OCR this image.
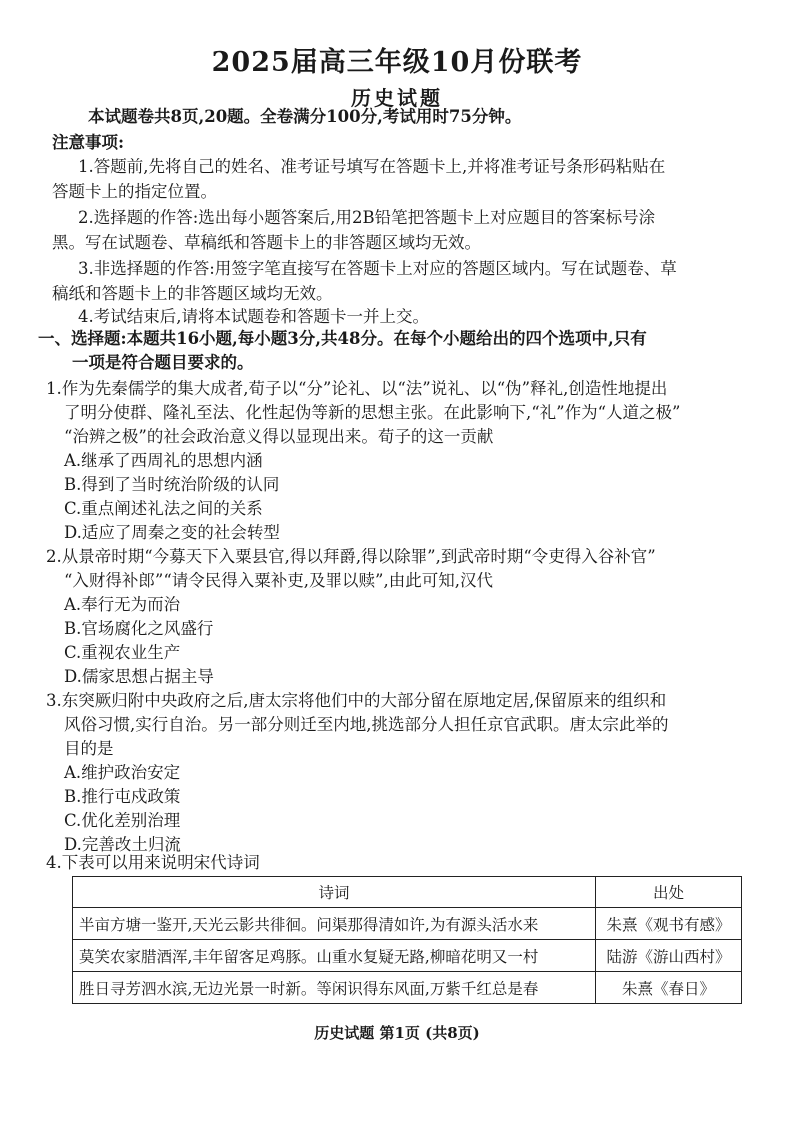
2025届高三年级10月份联考
历史试题
本试题卷共8页,20题。全卷满分100分,考试用时75分钟。
注意事项:
1.答题前,先将自己的姓名、准考证号填写在答题卡上,并将准考证号条形码粘贴在
答题卡上的指定位置。
2.选择题的作答:选出每小题答案后,用2B铅笔把答题卡上对应题目的答案标号涂
黑。写在试题卷、草稿纸和答题卡上的非答题区域均无效。
3.非选择题的作答:用签字笔直接写在答题卡上对应的答题区域内。写在试题卷、草
稿纸和答题卡上的非答题区域均无效。
4.考试结束后,请将本试题卷和答题卡一并上交。
一、选择题:本题共16小题,每小题3分,共48分。在每个小题给出的四个选项中,只有
一项是符合题目要求的。
1.作为先秦儒学的集大成者,荀子以“分”论礼、以“法”说礼、以“伪”释礼,创造性地提出
了明分使群、隆礼至法、化性起伪等新的思想主张。在此影响下,“礼”作为“人道之极”
“治辨之极”的社会政治意义得以显现出来。荀子的这一贡献
A.继承了西周礼的思想内涵
B.得到了当时统治阶级的认同
C.重点阐述礼法之间的关系
D.适应了周秦之变的社会转型
2.从景帝时期“今募天下入粟县官,得以拜爵,得以除罪”,到武帝时期“令吏得入谷补官”
“入财得补郎”“请令民得入粟补吏,及罪以赎”,由此可知,汉代
A.奉行无为而治
B.官场腐化之风盛行
C.重视农业生产
D.儒家思想占据主导
3.东突厥归附中央政府之后,唐太宗将他们中的大部分留在原地定居,保留原来的组织和
风俗习惯,实行自治。另一部分则迁至内地,挑选部分人担任京官武职。唐太宗此举的
目的是
A.维护政治安定
B.推行屯戍政策
C.优化差别治理
D.完善改土归流
4.下表可以用来说明宋代诗词
诗词	出处
半亩方塘一鉴开,天光云影共徘徊。问渠那得清如许,为有源头活水来	朱熹《观书有感》
莫笑农家腊酒浑,丰年留客足鸡豚。山重水复疑无路,柳暗花明又一村	陆游《游山西村》
胜日寻芳泗水滨,无边光景一时新。等闲识得东风面,万紫千红总是春	朱熹《春日》
历史试题 第1页 (共8页)
